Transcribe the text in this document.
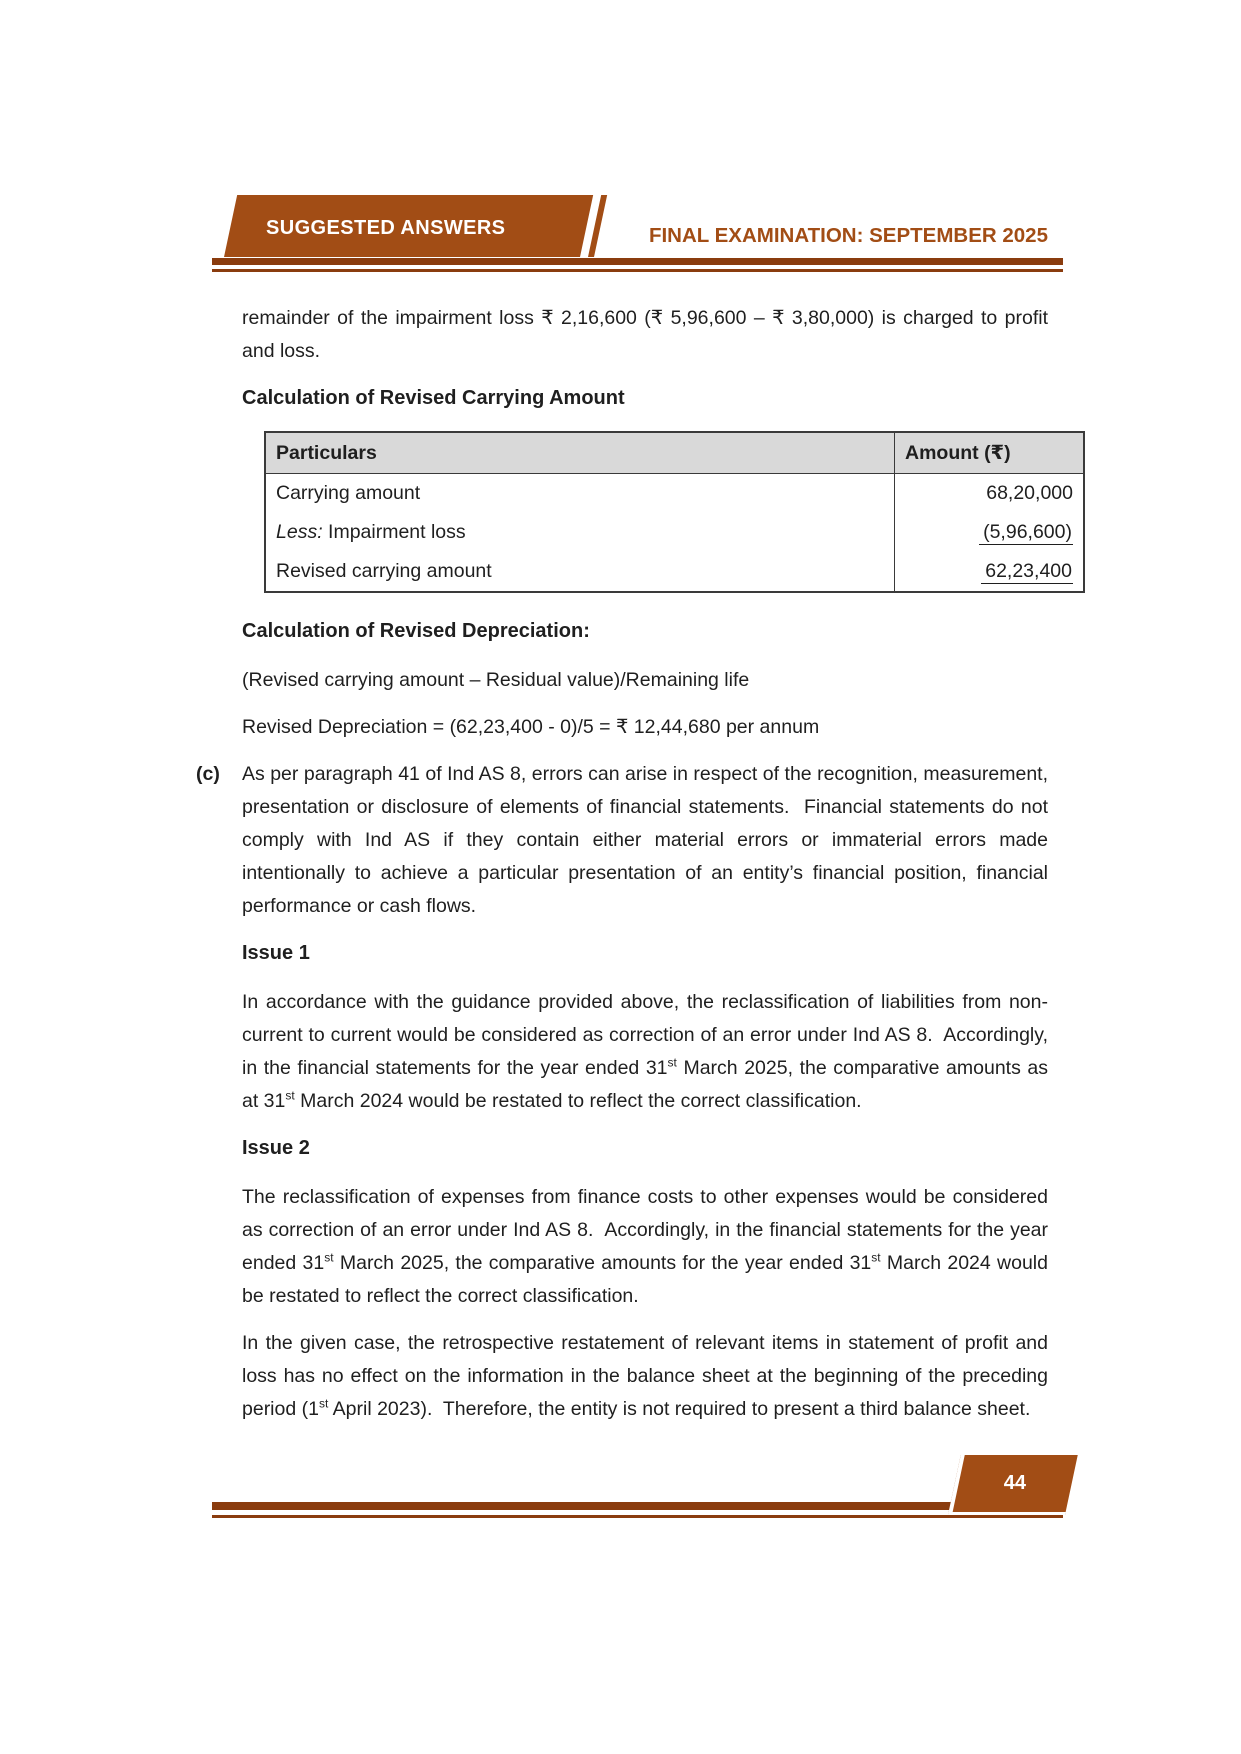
SUGGESTED ANSWERS	FINAL EXAMINATION: SEPTEMBER 2025

remainder of the impairment loss ₹ 2,16,600 (₹ 5,96,600 – ₹ 3,80,000) is charged to profit and loss.

Calculation of Revised Carrying Amount
Particulars	Amount (₹)
Carrying amount	68,20,000
Less: Impairment loss	(5,96,600)
Revised carrying amount	62,23,400
Calculation of Revised Depreciation:

(Revised carrying amount – Residual value)/Remaining life

Revised Depreciation = (62,23,400 - 0)/5 = ₹ 12,44,680 per annum

(c) As per paragraph 41 of Ind AS 8, errors can arise in respect of the recognition, measurement, presentation or disclosure of elements of financial statements.  Financial statements do not comply with Ind AS if they contain either material errors or immaterial errors made intentionally to achieve a particular presentation of an entity’s financial position, financial performance or cash flows.

Issue 1

In accordance with the guidance provided above, the reclassification of liabilities from non-current to current would be considered as correction of an error under Ind AS 8.  Accordingly, in the financial statements for the year ended 31st March 2025, the comparative amounts as at 31st March 2024 would be restated to reflect the correct classification.

Issue 2

The reclassification of expenses from finance costs to other expenses would be considered as correction of an error under Ind AS 8.  Accordingly, in the financial statements for the year ended 31st March 2025, the comparative amounts for the year ended 31st March 2024 would be restated to reflect the correct classification.

In the given case, the retrospective restatement of relevant items in statement of profit and loss has no effect on the information in the balance sheet at the beginning of the preceding period (1st April 2023).  Therefore, the entity is not required to present a third balance sheet.

44
